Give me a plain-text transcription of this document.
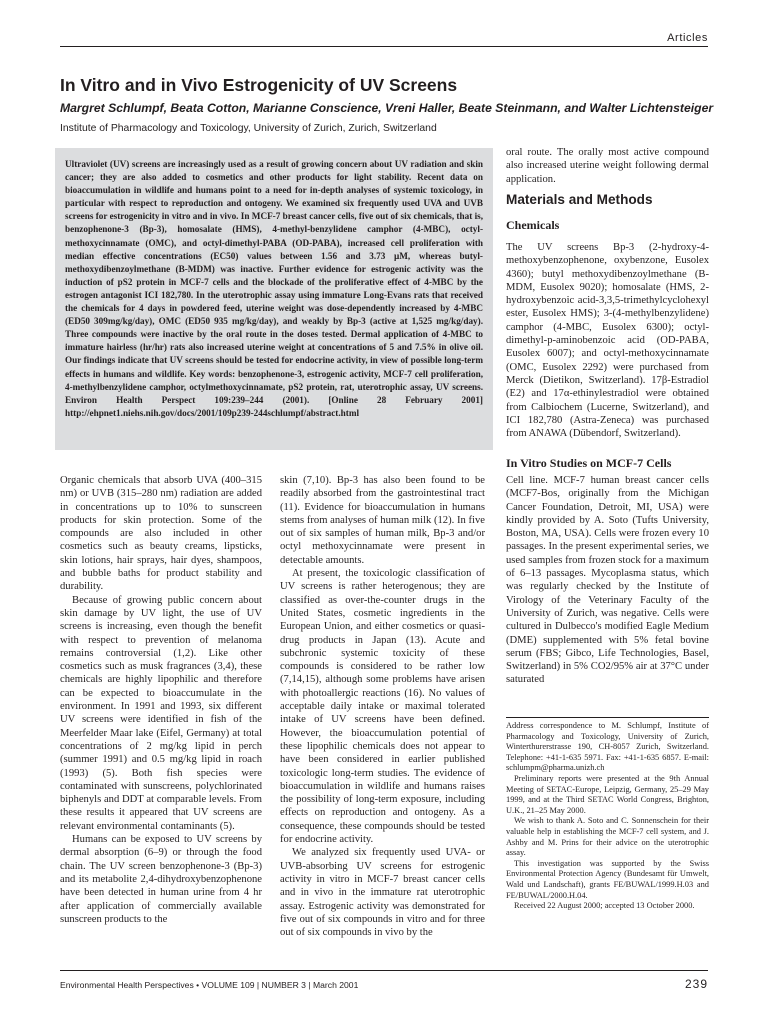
Articles
In Vitro and in Vivo Estrogenicity of UV Screens
Margret Schlumpf, Beata Cotton, Marianne Conscience, Vreni Haller, Beate Steinmann, and Walter Lichtensteiger
Institute of Pharmacology and Toxicology, University of Zurich, Zurich, Switzerland

Ultraviolet (UV) screens are increasingly used as a result of growing concern about UV radiation and skin cancer; they are also added to cosmetics and other products for light stability. Recent data on bioaccumulation in wildlife and humans point to a need for in-depth analyses of systemic toxicology, in particular with respect to reproduction and ontogeny. We examined six frequently used UVA and UVB screens for estrogenicity in vitro and in vivo. In MCF-7 breast cancer cells, five out of six chemicals, that is, benzophenone-3 (Bp-3), homosalate (HMS), 4-methyl-benzylidene camphor (4-MBC), octyl-methoxycinnamate (OMC), and octyl-dimethyl-PABA (OD-PABA), increased cell proliferation with median effective concentrations (EC50) values between 1.56 and 3.73 µM, whereas butyl-methoxydibenzoylmethane (B-MDM) was inactive. Further evidence for estrogenic activity was the induction of pS2 protein in MCF-7 cells and the blockade of the proliferative effect of 4-MBC by the estrogen antagonist ICI 182,780. In the uterotrophic assay using immature Long-Evans rats that received the chemicals for 4 days in powdered feed, uterine weight was dose-dependently increased by 4-MBC (ED50 309mg/kg/day), OMC (ED50 935 mg/kg/day), and weakly by Bp-3 (active at 1,525 mg/kg/day). Three compounds were inactive by the oral route in the doses tested. Dermal application of 4-MBC to immature hairless (hr/hr) rats also increased uterine weight at concentrations of 5 and 7.5% in olive oil. Our findings indicate that UV screens should be tested for endocrine activity, in view of possible long-term effects in humans and wildlife. Key words: benzophenone-3, estrogenic activity, MCF-7 cell proliferation, 4-methylbenzylidene camphor, octylmethoxycinnamate, pS2 protein, rat, uterotrophic assay, UV screens. Environ Health Perspect 109:239–244 (2001). [Online 28 February 2001] http://ehpnet1.niehs.nih.gov/docs/2001/109p239-244schlumpf/abstract.html

Organic chemicals that absorb UVA (400–315 nm) or UVB (315–280 nm) radiation are added in concentrations up to 10% to sunscreen products for skin protection. Some of the compounds are also included in other cosmetics such as beauty creams, lipsticks, skin lotions, hair sprays, hair dyes, shampoos, and bubble baths for product stability and durability.

Because of growing public concern about skin damage by UV light, the use of UV screens is increasing, even though the benefit with respect to prevention of melanoma remains controversial (1,2). Like other cosmetics such as musk fragrances (3,4), these chemicals are highly lipophilic and therefore can be expected to bioaccumulate in the environment. In 1991 and 1993, six different UV screens were identified in fish of the Meerfelder Maar lake (Eifel, Germany) at total concentrations of 2 mg/kg lipid in perch (summer 1991) and 0.5 mg/kg lipid in roach (1993) (5). Both fish species were contaminated with sunscreens, polychlorinated biphenyls and DDT at comparable levels. From these results it appeared that UV screens are relevant environmental contaminants (5).

Humans can be exposed to UV screens by dermal absorption (6–9) or through the food chain. The UV screen benzophenone-3 (Bp-3) and its metabolite 2,4-dihydroxybenzophenone have been detected in human urine from 4 hr after application of commercially available sunscreen products to the

skin (7,10). Bp-3 has also been found to be readily absorbed from the gastrointestinal tract (11). Evidence for bioaccumulation in humans stems from analyses of human milk (12). In five out of six samples of human milk, Bp-3 and/or octyl methoxycinnamate were present in detectable amounts.

At present, the toxicologic classification of UV screens is rather heterogenous; they are classified as over-the-counter drugs in the United States, cosmetic ingredients in the European Union, and either cosmetics or quasi-drug products in Japan (13). Acute and subchronic systemic toxicity of these compounds is considered to be rather low (7,14,15), although some problems have arisen with photoallergic reactions (16). No values of acceptable daily intake or maximal tolerated intake of UV screens have been defined. However, the bioaccumulation potential of these lipophilic chemicals does not appear to have been considered in earlier published toxicologic long-term studies. The evidence of bioaccumulation in wildlife and humans raises the possibility of long-term exposure, including effects on reproduction and ontogeny. As a consequence, these compounds should be tested for endocrine activity.

We analyzed six frequently used UVA- or UVB-absorbing UV screens for estrogenic activity in vitro in MCF-7 breast cancer cells and in vivo in the immature rat uterotrophic assay. Estrogenic activity was demonstrated for five out of six compounds in vitro and for three out of six compounds in vivo by the

oral route. The orally most active compound also increased uterine weight following dermal application.

Materials and Methods
Chemicals
The UV screens Bp-3 (2-hydroxy-4-methoxybenzophenone, oxybenzone, Eusolex 4360); butyl methoxydibenzoylmethane (B-MDM, Eusolex 9020); homosalate (HMS, 2-hydroxybenzoic acid-3,3,5-trimethylcyclohexyl ester, Eusolex HMS); 3-(4-methylbenzylidene) camphor (4-MBC, Eusolex 6300); octyl-dimethyl-p-aminobenzoic acid (OD-PABA, Eusolex 6007); and octyl-methoxycinnamate (OMC, Eusolex 2292) were purchased from Merck (Dietikon, Switzerland). 17β-Estradiol (E2) and 17α-ethinylestradiol were obtained from Calbiochem (Lucerne, Switzerland), and ICI 182,780 (Astra-Zeneca) was purchased from ANAWA (Dübendorf, Switzerland).
In Vitro Studies on MCF-7 Cells

Cell line. MCF-7 human breast cancer cells (MCF7-Bos, originally from the Michigan Cancer Foundation, Detroit, MI, USA) were kindly provided by A. Soto (Tufts University, Boston, MA, USA). Cells were frozen every 10 passages. In the present experimental series, we used samples from frozen stock for a maximum of 6–13 passages. Mycoplasma status, which was regularly checked by the Institute of Virology of the Veterinary Faculty of the University of Zurich, was negative. Cells were cultured in Dulbecco's modified Eagle Medium (DME) supplemented with 5% fetal bovine serum (FBS; Gibco, Life Technologies, Basel, Switzerland) in 5% CO2/95% air at 37°C under saturated

Address correspondence to M. Schlumpf, Institute of Pharmacology and Toxicology, University of Zurich, Winterthurerstrasse 190, CH-8057 Zurich, Switzerland. Telephone: +41-1-635 5971. Fax: +41-1-635 6857. E-mail: schlumpm@pharma.unizh.ch

Preliminary reports were presented at the 9th Annual Meeting of SETAC-Europe, Leipzig, Germany, 25–29 May 1999, and at the Third SETAC World Congress, Brighton, U.K., 21–25 May 2000.

We wish to thank A. Soto and C. Sonnenschein for their valuable help in establishing the MCF-7 cell system, and J. Ashby and M. Prins for their advice on the uterotrophic assay.

This investigation was supported by the Swiss Environmental Protection Agency (Bundesamt für Umwelt, Wald und Landschaft), grants FE/BUWAL/1999.H.03 and FE/BUWAL/2000.H.04.

Received 22 August 2000; accepted 13 October 2000.

Environmental Health Perspectives • VOLUME 109 | NUMBER 3 | March 2001	239
